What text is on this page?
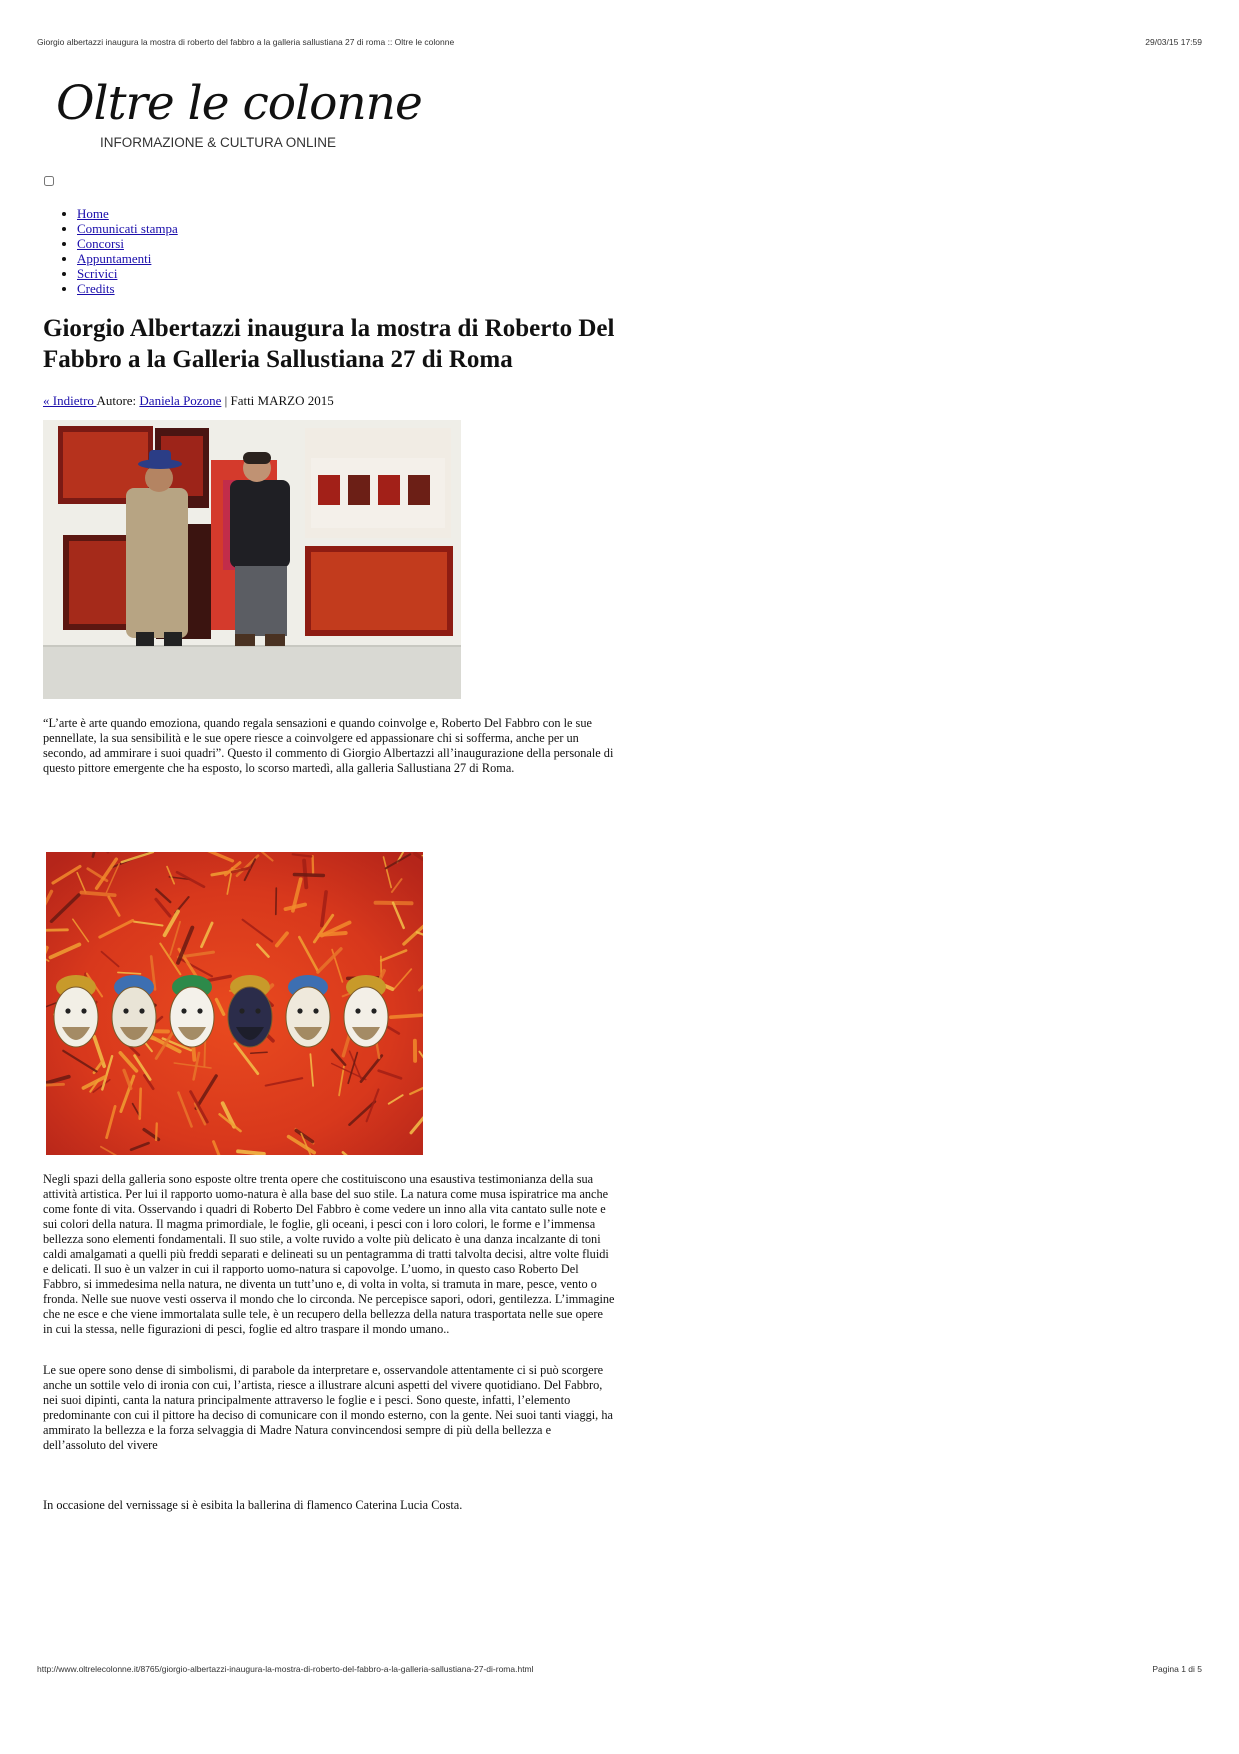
Giorgio albertazzi inaugura la mostra di roberto del fabbro a la galleria sallustiana 27 di roma :: Oltre le colonne	29/03/15 17:59
Oltre le colonne
INFORMAZIONE & CULTURA ONLINE
• Home
• Comunicati stampa
• Concorsi
• Appuntamenti
• Scrivici
• Credits
Giorgio Albertazzi inaugura la mostra di Roberto Del Fabbro a la Galleria Sallustiana 27 di Roma
« Indietro Autore: Daniela Pozone | Fatti MARZO 2015

“L’arte è arte quando emoziona, quando regala sensazioni e quando coinvolge e, Roberto Del Fabbro con le sue pennellate, la sua sensibilità e le sue opere riesce a coinvolgere ed appassionare chi si sofferma, anche per un secondo, ad ammirare i suoi quadri”. Questo il commento di Giorgio Albertazzi all’inaugurazione della personale di questo pittore emergente che ha esposto, lo scorso martedì, alla galleria Sallustiana 27 di Roma.

Negli spazi della galleria sono esposte oltre trenta opere che costituiscono una esaustiva testimonianza della sua attività artistica. Per lui il rapporto uomo-natura è alla base del suo stile. La natura come musa ispiratrice ma anche come fonte di vita. Osservando i quadri di Roberto Del Fabbro è come vedere un inno alla vita cantato sulle note e sui colori della natura. Il magma primordiale, le foglie, gli oceani, i pesci con i loro colori, le forme e l’immensa bellezza sono elementi fondamentali. Il suo stile, a volte ruvido a volte più delicato è una danza incalzante di toni caldi amalgamati a quelli più freddi separati e delineati su un pentagramma di tratti talvolta decisi, altre volte fluidi e delicati. Il suo è un valzer in cui il rapporto uomo-natura si capovolge. L’uomo, in questo caso Roberto Del Fabbro, si immedesima nella natura, ne diventa un tutt’uno e, di volta in volta, si tramuta in mare, pesce, vento o fronda. Nelle sue nuove vesti osserva il mondo che lo circonda. Ne percepisce sapori, odori, gentilezza. L’immagine che ne esce e che viene immortalata sulle tele, è un recupero della bellezza della natura trasportata nelle sue opere in cui la stessa, nelle figurazioni di pesci, foglie ed altro traspare il mondo umano..

Le sue opere sono dense di simbolismi, di parabole da interpretare e, osservandole attentamente ci si può scorgere anche un sottile velo di ironia con cui, l’artista, riesce a illustrare alcuni aspetti del vivere quotidiano. Del Fabbro, nei suoi dipinti, canta la natura principalmente attraverso le foglie e i pesci. Sono queste, infatti, l’elemento predominante con cui il pittore ha deciso di comunicare con il mondo esterno, con la gente. Nei suoi tanti viaggi, ha ammirato la bellezza e la forza selvaggia di Madre Natura convincendosi sempre di più della bellezza e dell’assoluto del vivere

In occasione del vernissage si è esibita la ballerina di flamenco Caterina Lucia Costa.

http://www.oltrelecolonne.it/8765/giorgio-albertazzi-inaugura-la-mostra-di-roberto-del-fabbro-a-la-galleria-sallustiana-27-di-roma.html	Pagina 1 di 5
